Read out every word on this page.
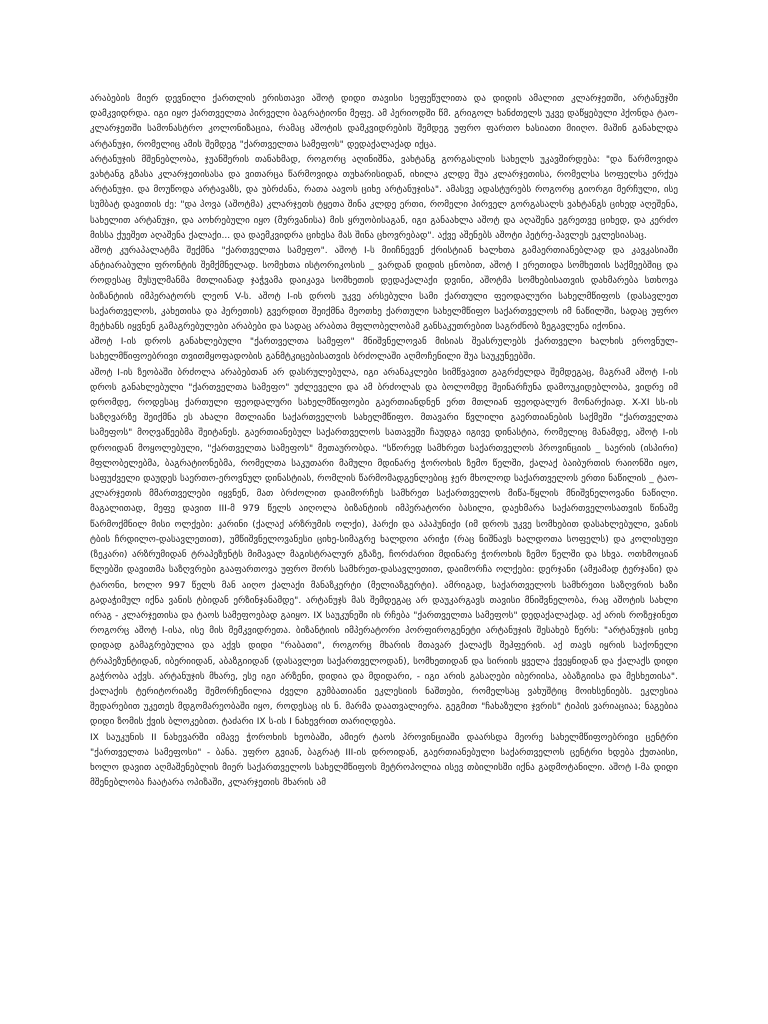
არაბების მიერ დევნილი ქართლის ერისთავი აშოტ დიდი თავისი სეფეწულითა და დიდის ამალით კლარჯეთში, არტანუჯში დამკვიდრდა. იგი იყო ქართველთა პირველი ბაგრატიონი მეფე. ამ პერიოდში წმ. გრიგოლ ხანძთელს უკვე დაწყებული ჰქონდა ტაო-კლარჯეთში სამონასტრო კოლონიზაცია, რამაც აშოტის დამკვიდრების შემდეგ უფრო ფართო ხასიათი მიიღო. მაშინ განახლდა არტანუჯი, რომელიც ამის შემდეგ "ქართველთა სამეფოს" დედაქალაქად იქცა.

არტანუჯის მშენებლობა, ჯუანშერის თანახმად, როგორც აღინიშნა, ვახტანგ გორგასლის სახელს უკავშირდება: "და წარმოვიდა ვახტანგ გზასა კლარჯეთისასა და ვითარცა წარმოვიდა თუხარისიდან, იხილა კლდე შუა კლარჯეთისა, რომელსა სოფელსა ერქუა არტანუჯი. და მოუწოდა არტავაზს, და უბრძანა, რათა აავოს ციხე არტანუჯისა". ამასვე ადასტურებს როგორც გიორგი მერჩული, ისე სუმბატ დავითის ძე: "და პოვა (აშოტმა) კლარჯეთს ტყეთა შინა კლდე ერთი, რომელი პირველ გორგასალს ვახტანგს ციხედ აღეშენა, სახელით არტანუჯი, და აოხრებული იყო (მურვანისა) მის ყრუობისაგან, იგი განაახლა აშოტ და აღაშენა ეგრეთვე ციხედ, და კერძო მისსა ქუეშეთ აღაშენა ქალაქი... და დაემკვიდრა ციხესა მას შინა ცხოვრებად". აქვე აშენებს აშოტი პეტრე-პავლეს ეკლესიასაც.

აშოტ კურაპალატმა შექმნა "ქართველთა სამეფო". აშოტ I-ს მიიჩნევენ ქრისტიან ხალხთა გამაერთიანებლად და კავკასიაში ანტიარაბული ფრონტის შემქმნელად. სომეხთა ისტორიკოსის _ ვარდან დიდის ცნობით, აშოტ I ერეთიდა სომხეთის საქმეებშიც და როდესაც მუსულმანმა მთლიანად ჯაჭვამა დაიკავა სომხეთის დედაქალაქი დვინი, აშოტმა სომხებისათვის დახმარება სთხოვა ბიზანტიის იმპერატორს ლეონ V-ს. აშოტ I-ის დროს უკვე არსებული სამი ქართული ფეოდალური სახელმწიფოს (დასავლეთ საქართველოს, კახეთისა და ჰერეთის) გვერდით შეიქმნა მეოთხე ქართული სახელმწიფო საქართველოს იმ ნაწილში, სადაც უფრო მეტხანს იყვნენ გამაგრებულები არაბები და სადაც არაბთა მფლობელობამ განსაკუთრებით საგრძნობ ზეგავლენა იქონია.

აშოტ I-ის დროს განახლებული "ქართველთა სამეფო" მნიშვნელოვან მისიას შეასრულებს ქართველი ხალხის ეროვნულ-სახელმწიფოებრივი თვითმყოფადობის განმტკიცებისათვის ბრძოლაში აღმოჩენილი შუა საუკუნეებში.

აშოტ I-ის ზეობაში ბრძოლა არაბებთან არ დასრულებულა, იგი არანაკლები სიმწვავით გაგრძელდა შემდეგაც, მაგრამ აშოტ I-ის დროს განახლებული "ქართველთა სამეფო" უძლეველი და ამ ბრძოლას და ბოლომდე შეინარჩუნა დამოუკიდებლობა, ვიდრე იმ დრომდე, როდესაც ქართული ფეოდალური სახელმწიფოები გაერთიანდნენ ერთ მთლიან ფეოდალურ მონარქიად. X-XI სს-ის საზღვარზე შეიქმნა ეს ახალი მთლიანი საქართველოს სახელმწიფო. მთავარი წვლილი გაერთიანების საქმეში "ქართველთა სამეფოს" მოღვაწეებმა შეიტანეს. გაერთიანებულ საქართველოს სათავეში ჩაუდგა იგივე დინასტია, რომელიც მანამდე, აშოტ I-ის დროიდან მოყოლებული, "ქართველთა სამეფოს" მეთაურობდა. "სწორედ სამხრეთ საქართველოს პროვინციის _ საერის (ისპირი) მფლობელებმა, ბაგრატიონებმა, რომელთა საკუთარი მამული მდინარე ჭოროხის ზემო წელში, ქალაქ ბაიბურთის რაიონში იყო, საფუძველი დაუდეს საერთო-ეროვნულ დინასტიას, რომლის წარმომადგენლებიც ჯერ მხოლოდ საქართველოს ერთი ნაწილის _ ტაო-კლარჯეთის მმართველები იყვნენ, მათ ბრძოლით დაიმორჩეს სამხრეთ საქართველოს მიწა-წყლის მნიშვნელოვანი ნაწილი. მაგალითად, მეფე დავით III-მ 979 წელს აიღოლა ბიზანტიის იმპერატორი ბასილი, დაეხმარა საქართველოსათვის წინაშე წარმოქმნილ მისი ოლქები: კარინი (ქალაქ არზრუმის ოლქი), ჰარქი და აპაჰუნიქი (იმ დროს უკვე სომხებით დასახლებული, ვანის ტბის ჩრდილო-დასავლეთით), უმწიშვნელოვანესი ციხე-სიმაგრე ხალდოი არიჭი (რაც ნიშნავს ხალდოთა სოფელს) და კოლისუფი (ზეკარი) არზრუმიდან ტრაპეზუნტს მიმავალ მაგისტრალურ გზაზე, ჩორძარიი მდინარე ჭოროხის ზემო წელში და სხვა. ოთხმოციან წლებში დავითმა საზღვრები გააფართოვა უფრო შორს სამხრეთ-დასავლეთით, დაიმორჩა ოლქები: დერჯანი (ამჟამად ტერჯანი) და ტარონი, ხოლო 997 წელს მან აიღო ქალაქი მანაზკერტი (მელიაზგერტი). ამრიგად, საქართველოს სამხრეთი საზღვრის ხაზი გადაჭიმულ იქნა ვანის ტბიდან ერზინჯანამდე". არტანუჯს მას შემდეგაც არ დაუკარგავს თავისი მნიშვნელობა, რაც აშოტის სახლი ირაგ - კლარჯეთისა და ტაოს სამეფოებად გაიყო. IX საუკუნეში ის რჩება "ქართველთა სამეფოს" დედაქალაქად. აქ არის როზეჯინეთ როგორც აშოტ I-ისა, ისე მის მემკვიდრეთა. ბიზანტიის იმპერატორი პორფიროგენეტი არტანუჯის შესახებ წერს: "არტანუჯის ციხე დიდად გამაგრებულია და აქვს დიდი "რაბათი", როგორც მხარის მთავარ ქალაქს შეჰფერის. აქ თავს იყრის საქონელი ტრაპეზუნტიდან, იბერიიდან, აბაზგიიდან (დასავლეთ საქართველოდან), სომხეთიდან და სირიის ყველა ქვეყნიდან და ქალაქს დიდი გაჭრობა აქვს. არტანუჯის მხარე, ესე იგი არზენი, დიდია და მდიდარი, - იგი არის გასაღები იბერიისა, აბაზგიისა და მესხეთისა". ქალაქის ტერიტორიაზე შემორჩენილია ძველი გუმბათიანი ეკლესიის ნაშთები, რომელსაც ვახუშტიც მოიხსენიებს. ეკლესია შედარებით უკეთეს მდგომარეობაში იყო, როდესაც ის ნ. მარმა დაათვალიერა. გეგმით "ჩახაზული ჯვრის" ტიპის ვარიაციაა; ნაგებია დიდი ზომის ქვის ბლოკებით. ტაძარი IX ს-ის I ნახევრით თარიღდება.

IX საუკუნის II ნახევარში იმავე ჭოროხის ხეობაში, ამიერ ტაოს პროვინციაში დაარსდა მეორე სახელმწიფოებრივი ცენტრი "ქართველთა სამეფოსი" - ბანა. უფრო გვიან, ბაგრატ III-ის დროიდან, გაერთიანებული საქართველოს ცენტრი ხდება ქუთაისი, ხოლო დავით აღმაშენებლის მიერ საქართველოს სახელმწიფოს მეტროპოლია ისევ თბილისში იქნა გადმოტანილი. აშოტ I-მა დიდი მშენებლობა ჩაატარა ოპიზაში, კლარჯეთის მხარის ამ
